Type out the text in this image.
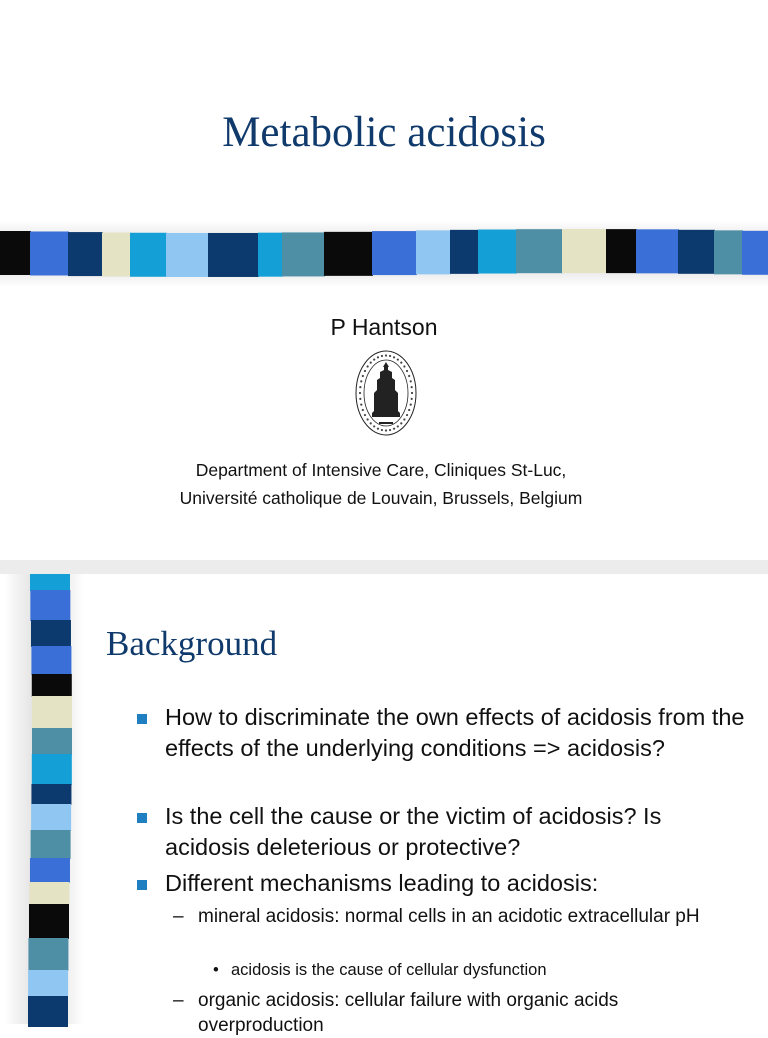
Metabolic acidosis
P Hantson
Department of Intensive Care, Cliniques St-Luc,
Université catholique de Louvain, Brussels, Belgium
Background
How to discriminate the own effects of acidosis from the effects of the underlying conditions => acidosis?
Is the cell the cause or the victim of acidosis? Is acidosis deleterious or protective?
Different mechanisms leading to acidosis:
– mineral acidosis: normal cells in an acidotic extracellular pH
• acidosis is the cause of cellular dysfunction
– organic acidosis: cellular failure with organic acids overproduction
